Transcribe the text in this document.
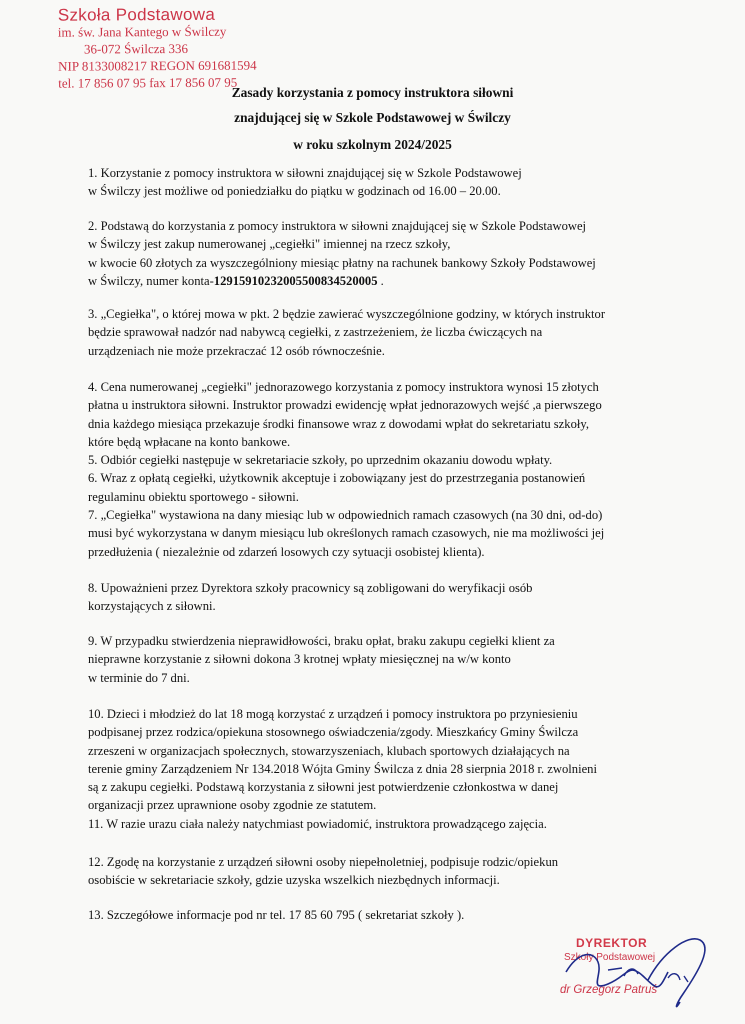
Szkoła Podstawowa
im. św. Jana Kantego w Świlczy
36-072 Świlcza 336
NIP 8133008217 REGON 691681594
tel. 17 856 07 95 fax 17 856 07 95
Zasady korzystania z pomocy instruktora siłowni
znajdującej się w Szkole Podstawowej w Świlczy
w roku szkolnym 2024/2025
1. Korzystanie z pomocy instruktora w siłowni znajdującej się w Szkole Podstawowej
w Świlczy jest możliwe od poniedziałku do piątku w godzinach od 16.00 – 20.00.
2. Podstawą do korzystania z pomocy instruktora w siłowni znajdującej się w Szkole Podstawowej
w Świlczy jest zakup numerowanej „cegiełki" imiennej na rzecz szkoły,
w kwocie 60 złotych za wyszczególniony miesiąc płatny na rachunek bankowy Szkoły Podstawowej
w Świlczy, numer konta-12915910232005500834520005 .
3. „Cegiełka", o której mowa w pkt. 2 będzie zawierać wyszczególnione godziny, w których instruktor
będzie sprawował nadzór nad nabywcą cegiełki, z zastrzeżeniem, że liczba ćwiczących na
urządzeniach nie może przekraczać 12 osób równocześnie.
4. Cena numerowanej „cegiełki" jednorazowego korzystania z pomocy instruktora wynosi 15 złotych
płatna u instruktora siłowni. Instruktor prowadzi ewidencję wpłat jednorazowych wejść ,a pierwszego
dnia każdego miesiąca przekazuje środki finansowe wraz z dowodami wpłat do sekretariatu szkoły,
które będą wpłacane na konto bankowe.
5. Odbiór cegiełki następuje w sekretariacie szkoły, po uprzednim okazaniu dowodu wpłaty.
6. Wraz z opłatą cegiełki, użytkownik akceptuje i zobowiązany jest do przestrzegania postanowień
regulaminu obiektu sportowego - siłowni.
7. „Cegiełka" wystawiona na dany miesiąc lub w odpowiednich ramach czasowych (na 30 dni, od-do)
musi być wykorzystana w danym miesiącu lub określonych ramach czasowych, nie ma możliwości jej
przedłużenia ( niezależnie od zdarzeń losowych czy sytuacji osobistej klienta).
8. Upoważnieni przez Dyrektora szkoły pracownicy są zobligowani do weryfikacji osób
korzystających z siłowni.
9. W przypadku stwierdzenia nieprawidłowości, braku opłat, braku zakupu cegiełki klient za
nieprawne korzystanie z siłowni dokona 3 krotnej wpłaty miesięcznej na w/w konto
w terminie do 7 dni.
10. Dzieci i młodzież do lat 18 mogą korzystać z urządzeń i pomocy instruktora po przyniesieniu
podpisanej przez rodzica/opiekuna stosownego oświadczenia/zgody. Mieszkańcy Gminy Świlcza
zrzeszeni w organizacjach społecznych, stowarzyszeniach, klubach sportowych działających na
terenie gminy Zarządzeniem Nr 134.2018 Wójta Gminy Świlcza z dnia 28 sierpnia 2018 r. zwolnieni
są z zakupu cegiełki. Podstawą korzystania z siłowni jest potwierdzenie członkostwa w danej
organizacji przez uprawnione osoby zgodnie ze statutem.
11. W razie urazu ciała należy natychmiast powiadomić, instruktora prowadzącego zajęcia.
12. Zgodę na korzystanie z urządzeń siłowni osoby niepełnoletniej, podpisuje rodzic/opiekun
osobiście w sekretariacie szkoły, gdzie uzyska wszelkich niezbędnych informacji.
13. Szczegółowe informacje pod nr tel. 17 85 60 795 ( sekretariat szkoły ).
DYREKTOR
Szkoły Podstawowej
dr Grzegorz Patruś
